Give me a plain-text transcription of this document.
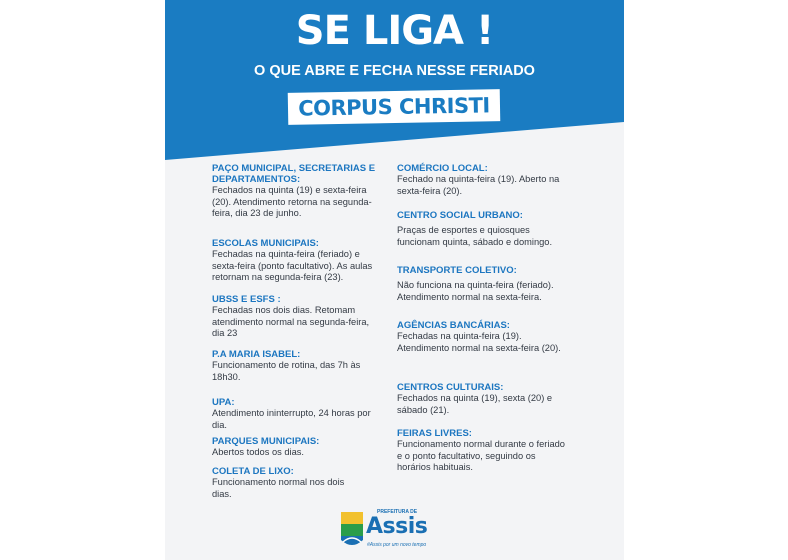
SE LIGA !
O QUE ABRE E FECHA NESSE FERIADO
CORPUS CHRISTI
PAÇO MUNICIPAL, SECRETARIAS E DEPARTAMENTOS:

Fechados na quinta (19) e sexta-feira (20). Atendimento retorna na segunda-feira, dia 23 de junho.

ESCOLAS MUNICIPAIS:

Fechadas na quinta-feira (feriado) e sexta-feira (ponto facultativo). As aulas retornam na segunda-feira (23).

UBSS E ESFS :

Fechadas nos dois dias. Retomam atendimento normal na segunda-feira, dia 23

P.A MARIA ISABEL:

Funcionamento de rotina, das 7h às 18h30.

UPA:

Atendimento ininterrupto, 24 horas por dia.

PARQUES MUNICIPAIS:

Abertos todos os dias.

COLETA DE LIXO:

Funcionamento normal nos dois dias.

COMÉRCIO LOCAL:

Fechado na quinta-feira (19). Aberto na sexta-feira (20).

CENTRO SOCIAL URBANO:

Praças de esportes e quiosques funcionam quinta, sábado e domingo.

TRANSPORTE COLETIVO:

Não funciona na quinta-feira (feriado). Atendimento normal na sexta-feira.

AGÊNCIAS BANCÁRIAS:

Fechadas na quinta-feira (19). Atendimento normal na sexta-feira (20).

CENTROS CULTURAIS:

Fechados na quinta (19), sexta (20) e sábado (21).

FEIRAS LIVRES:

Funcionamento normal durante o feriado e o ponto facultativo, seguindo os horários habituais.

PREFEITURA DE
Assis
#Assis por um novo tempo
